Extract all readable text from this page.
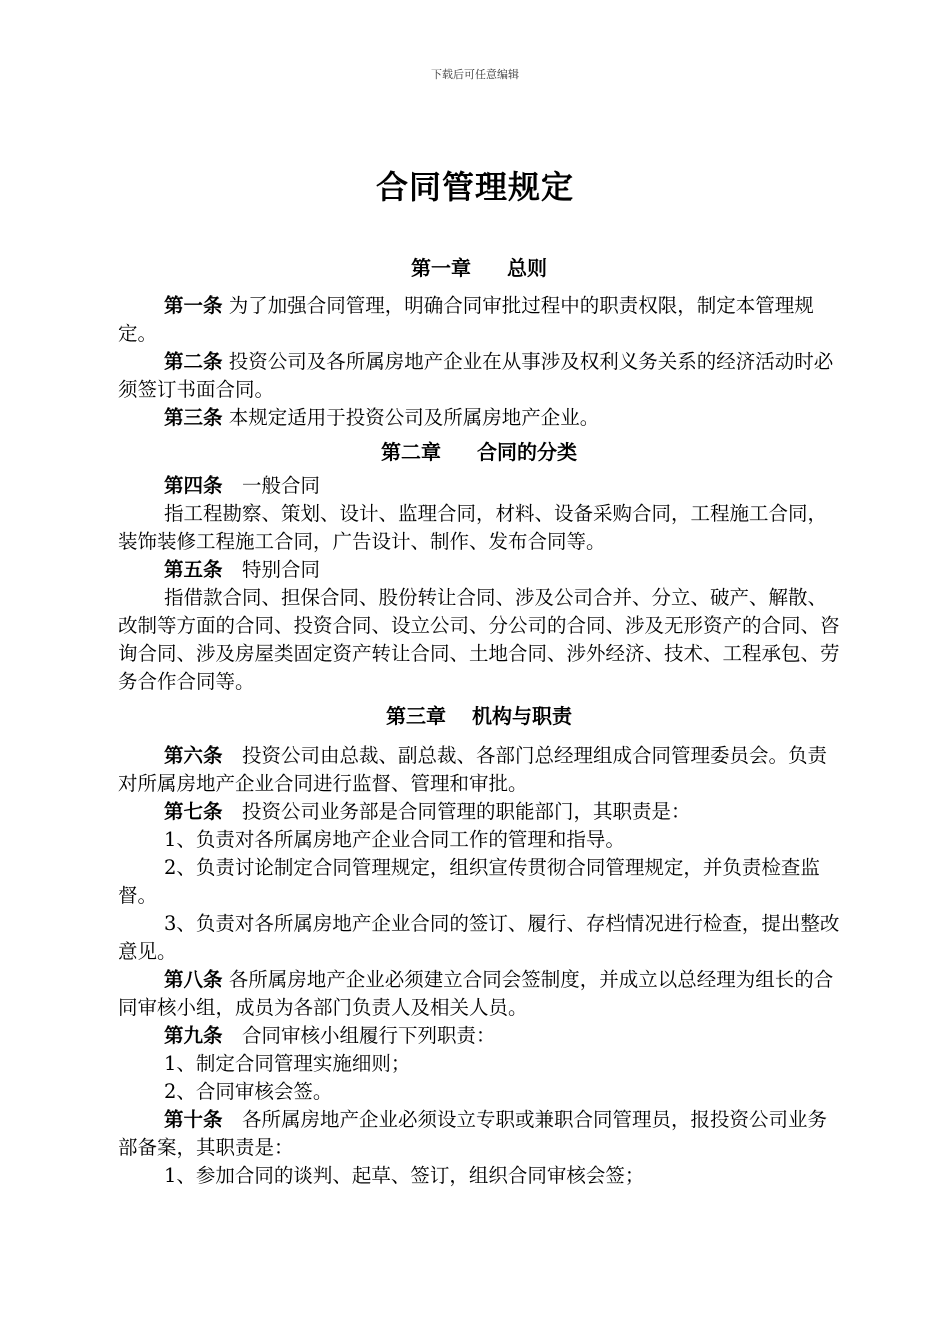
下载后可任意编辑
合同管理规定
第一章 总则

第一条 为了加强合同管理，明确合同审批过程中的职责权限，制定本管理规定。

第二条 投资公司及各所属房地产企业在从事涉及权利义务关系的经济活动时必须签订书面合同。

第三条 本规定适用于投资公司及所属房地产企业。

第二章 合同的分类

第四条　一般合同

指工程勘察、策划、设计、监理合同，材料、设备采购合同，工程施工合同，装饰装修工程施工合同，广告设计、制作、发布合同等。

第五条　特别合同

指借款合同、担保合同、股份转让合同、涉及公司合并、分立、破产、解散、改制等方面的合同、投资合同、设立公司、分公司的合同、涉及无形资产的合同、咨询合同、涉及房屋类固定资产转让合同、土地合同、涉外经济、技术、工程承包、劳务合作合同等。

第三章 机构与职责

第六条　投资公司由总裁、副总裁、各部门总经理组成合同管理委员会。负责对所属房地产企业合同进行监督、管理和审批。

第七条　投资公司业务部是合同管理的职能部门，其职责是：

1、负责对各所属房地产企业合同工作的管理和指导。

2、负责讨论制定合同管理规定，组织宣传贯彻合同管理规定，并负责检查监督。

3、负责对各所属房地产企业合同的签订、履行、存档情况进行检查，提出整改意见。

第八条 各所属房地产企业必须建立合同会签制度，并成立以总经理为组长的合同审核小组，成员为各部门负责人及相关人员。

第九条　合同审核小组履行下列职责：

1、制定合同管理实施细则；

2、合同审核会签。

第十条　各所属房地产企业必须设立专职或兼职合同管理员，报投资公司业务部备案，其职责是：

1、参加合同的谈判、起草、签订，组织合同审核会签；
